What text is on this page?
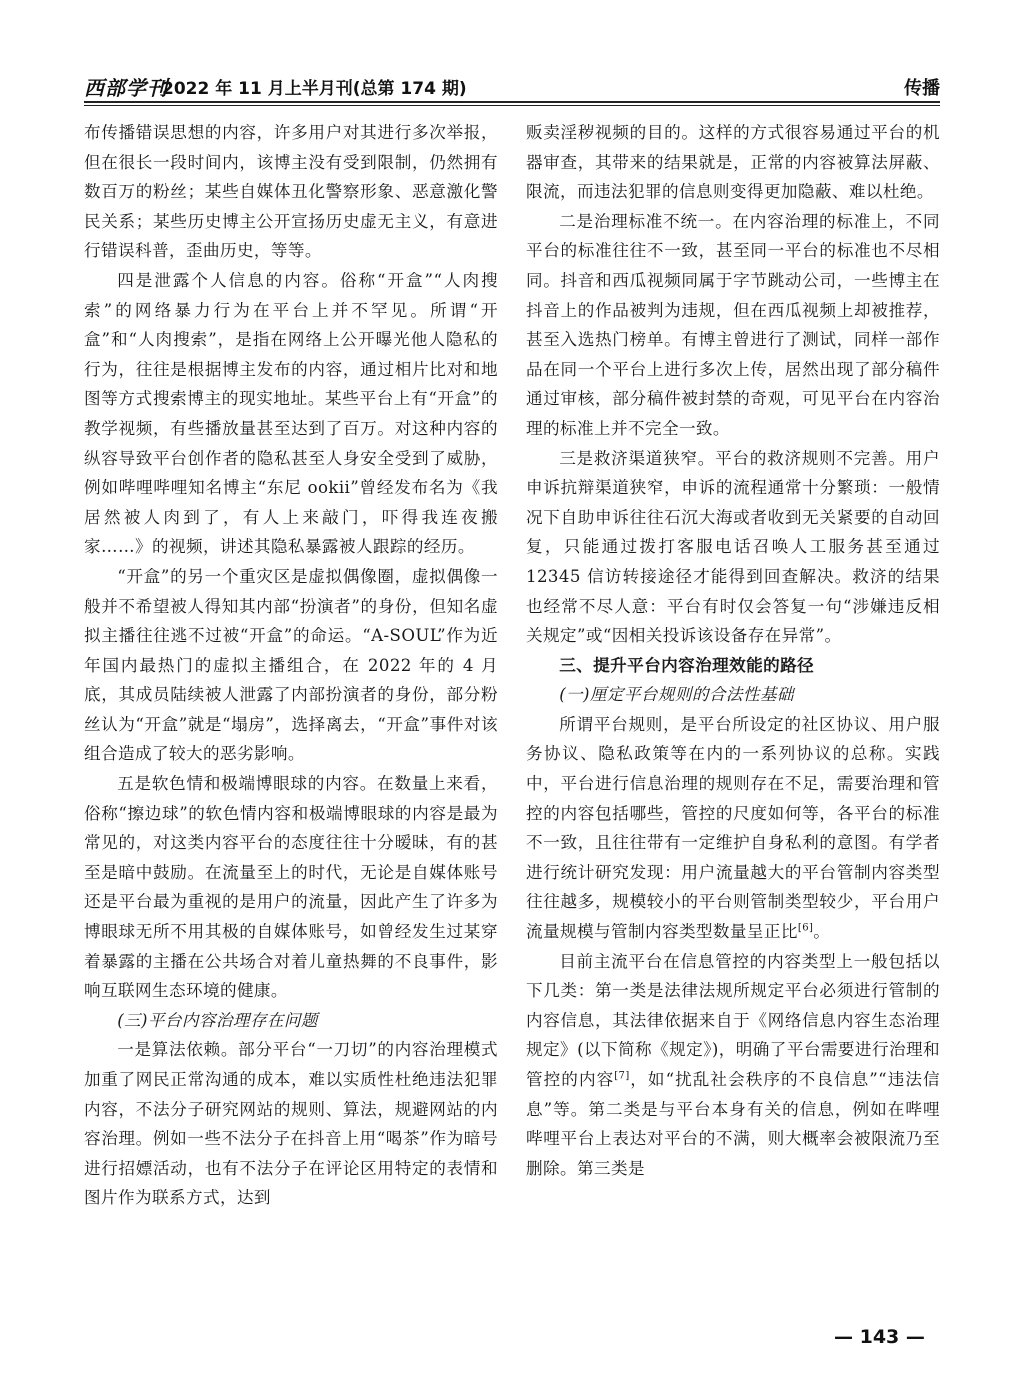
西部学刊
2022 年 11 月上半月刊(总第 174 期)	传播

布传播错误思想的内容，许多用户对其进行多次举报，但在很长一段时间内，该博主没有受到限制，仍然拥有数百万的粉丝；某些自媒体丑化警察形象、恶意激化警民关系；某些历史博主公开宣扬历史虚无主义，有意进行错误科普，歪曲历史，等等。

四是泄露个人信息的内容。俗称“开盒”“人肉搜索”的网络暴力行为在平台上并不罕见。所谓“开盒”和“人肉搜索”，是指在网络上公开曝光他人隐私的行为，往往是根据博主发布的内容，通过相片比对和地图等方式搜索博主的现实地址。某些平台上有“开盒”的教学视频，有些播放量甚至达到了百万。对这种内容的纵容导致平台创作者的隐私甚至人身安全受到了威胁，例如哔哩哔哩知名博主“东尼 ookii”曾经发布名为《我居然被人肉到了，有人上来敲门，吓得我连夜搬家……》的视频，讲述其隐私暴露被人跟踪的经历。

“开盒”的另一个重灾区是虚拟偶像圈，虚拟偶像一般并不希望被人得知其内部“扮演者”的身份，但知名虚拟主播往往逃不过被“开盒”的命运。“A-SOUL”作为近年国内最热门的虚拟主播组合，在 2022 年的 4 月底，其成员陆续被人泄露了内部扮演者的身份，部分粉丝认为“开盒”就是“塌房”，选择离去，“开盒”事件对该组合造成了较大的恶劣影响。

五是软色情和极端博眼球的内容。在数量上来看，俗称“擦边球”的软色情内容和极端博眼球的内容是最为常见的，对这类内容平台的态度往往十分暧昧，有的甚至是暗中鼓励。在流量至上的时代，无论是自媒体账号还是平台最为重视的是用户的流量，因此产生了许多为博眼球无所不用其极的自媒体账号，如曾经发生过某穿着暴露的主播在公共场合对着儿童热舞的不良事件，影响互联网生态环境的健康。

(三)平台内容治理存在问题

一是算法依赖。部分平台“一刀切”的内容治理模式加重了网民正常沟通的成本，难以实质性杜绝违法犯罪内容，不法分子研究网站的规则、算法，规避网站的内容治理。例如一些不法分子在抖音上用“喝茶”作为暗号进行招嫖活动，也有不法分子在评论区用特定的表情和图片作为联系方式，达到

贩卖淫秽视频的目的。这样的方式很容易通过平台的机器审查，其带来的结果就是，正常的内容被算法屏蔽、限流，而违法犯罪的信息则变得更加隐蔽、难以杜绝。

二是治理标准不统一。在内容治理的标准上，不同平台的标准往往不一致，甚至同一平台的标准也不尽相同。抖音和西瓜视频同属于字节跳动公司，一些博主在抖音上的作品被判为违规，但在西瓜视频上却被推荐，甚至入选热门榜单。有博主曾进行了测试，同样一部作品在同一个平台上进行多次上传，居然出现了部分稿件通过审核，部分稿件被封禁的奇观，可见平台在内容治理的标准上并不完全一致。

三是救济渠道狭窄。平台的救济规则不完善。用户申诉抗辩渠道狭窄，申诉的流程通常十分繁琐：一般情况下自助申诉往往石沉大海或者收到无关紧要的自动回复，只能通过拨打客服电话召唤人工服务甚至通过 12345 信访转接途径才能得到回查解决。救济的结果也经常不尽人意：平台有时仅会答复一句“涉嫌违反相关规定”或“因相关投诉该设备存在异常”。

三、提升平台内容治理效能的路径

(一)厘定平台规则的合法性基础

所谓平台规则，是平台所设定的社区协议、用户服务协议、隐私政策等在内的一系列协议的总称。实践中，平台进行信息治理的规则存在不足，需要治理和管控的内容包括哪些，管控的尺度如何等，各平台的标准不一致，且往往带有一定维护自身私利的意图。有学者进行统计研究发现：用户流量越大的平台管制内容类型往往越多，规模较小的平台则管制类型较少，平台用户流量规模与管制内容类型数量呈正比[6]。

目前主流平台在信息管控的内容类型上一般包括以下几类：第一类是法律法规所规定平台必须进行管制的内容信息，其法律依据来自于《网络信息内容生态治理规定》(以下简称《规定》)，明确了平台需要进行治理和管控的内容[7]，如“扰乱社会秩序的不良信息”“违法信息”等。第二类是与平台本身有关的信息，例如在哔哩哔哩平台上表达对平台的不满，则大概率会被限流乃至删除。第三类是

— 143 —
